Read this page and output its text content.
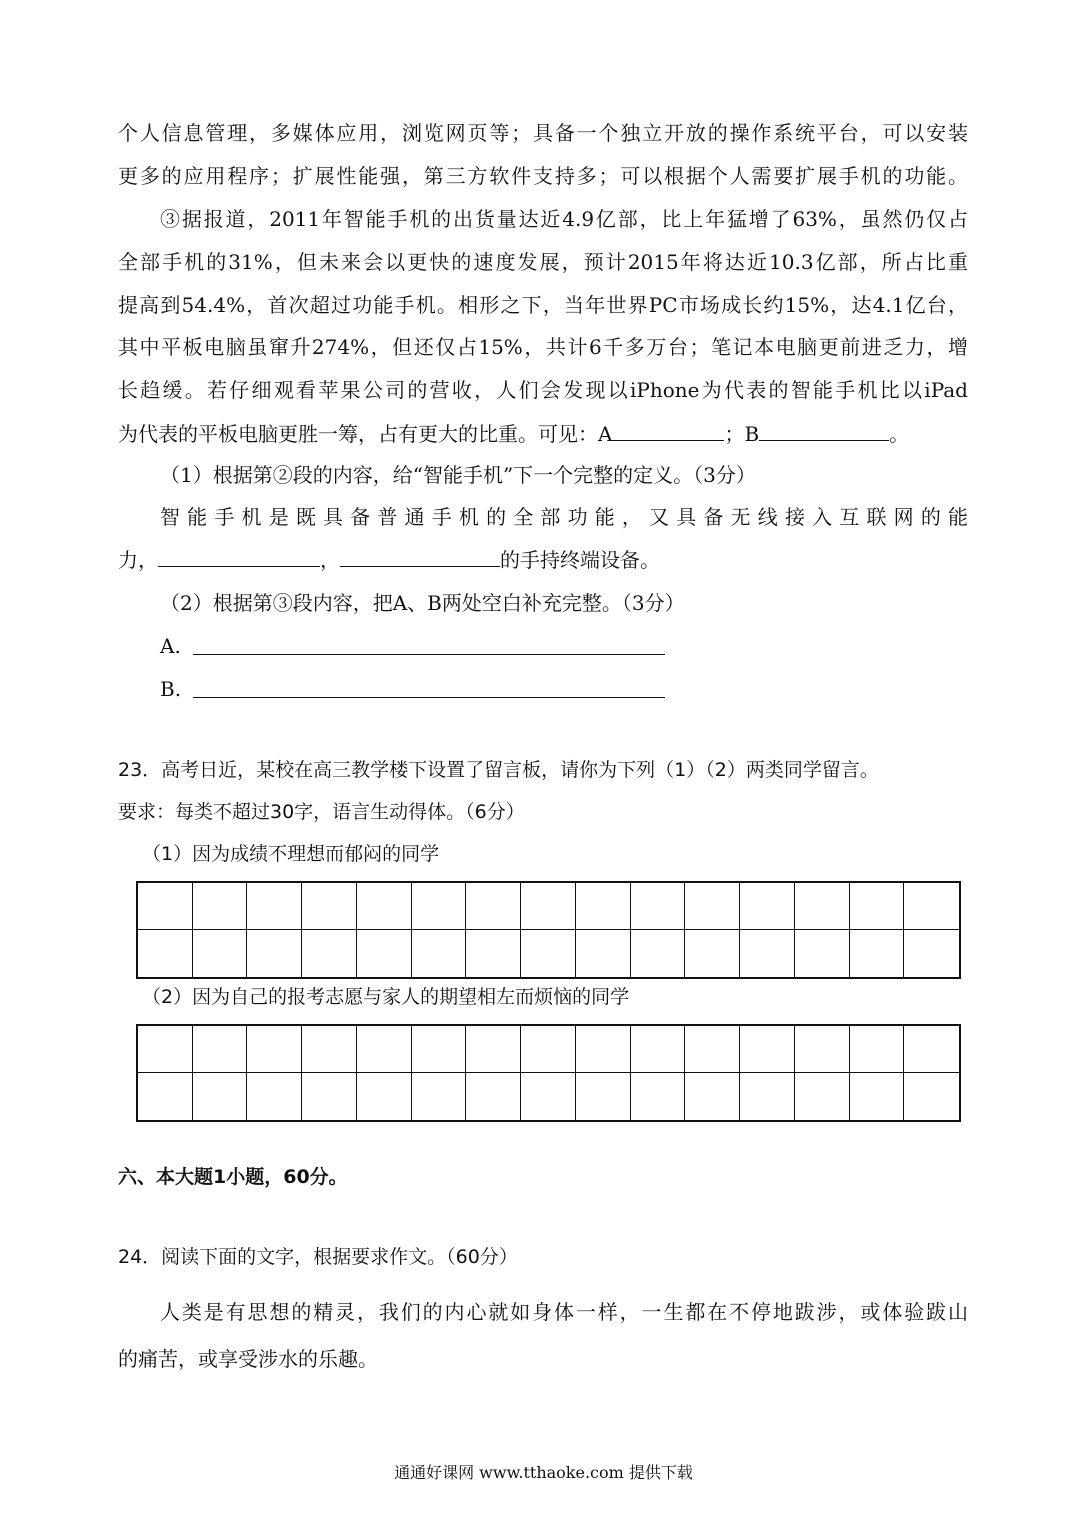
个人信息管理，多媒体应用，浏览网页等；具备一个独立开放的操作系统平台，可以安装
更多的应用程序；扩展性能强，第三方软件支持多；可以根据个人需要扩展手机的功能。
③据报道，2011年智能手机的出货量达近4.9亿部，比上年猛增了63%，虽然仍仅占
全部手机的31%，但未来会以更快的速度发展，预计2015年将达近10.3亿部，所占比重
提高到54.4%，首次超过功能手机。相形之下，当年世界PC市场成长约15%，达4.1亿台，
其中平板电脑虽窜升274%，但还仅占15%，共计6千多万台；笔记本电脑更前进乏力，增
长趋缓。若仔细观看苹果公司的营收，人们会发现以iPhone为代表的智能手机比以iPad
为代表的平板电脑更胜一筹，占有更大的比重。可见：A	；B	。
（1）根据第②段的内容，给“智能手机”下一个完整的定义。（3分）
智能手机是既具备普通手机的全部功能，又具备无线接入互联网的能
力，	，	的手持终端设备。
（2）根据第③段内容，把A、B两处空白补充完整。（3分）
A.
B.
23．高考日近，某校在高三教学楼下设置了留言板，请你为下列（1）（2）两类同学留言。
要求：每类不超过30字，语言生动得体。（6分）
（1）因为成绩不理想而郁闷的同学
（2）因为自己的报考志愿与家人的期望相左而烦恼的同学
六、本大题1小题，60分。
24．阅读下面的文字，根据要求作文。（60分）
人类是有思想的精灵，我们的内心就如身体一样，一生都在不停地跋涉，或体验跋山
的痛苦，或享受涉水的乐趣。
通通好课网 www.tthaoke.com 提供下载
